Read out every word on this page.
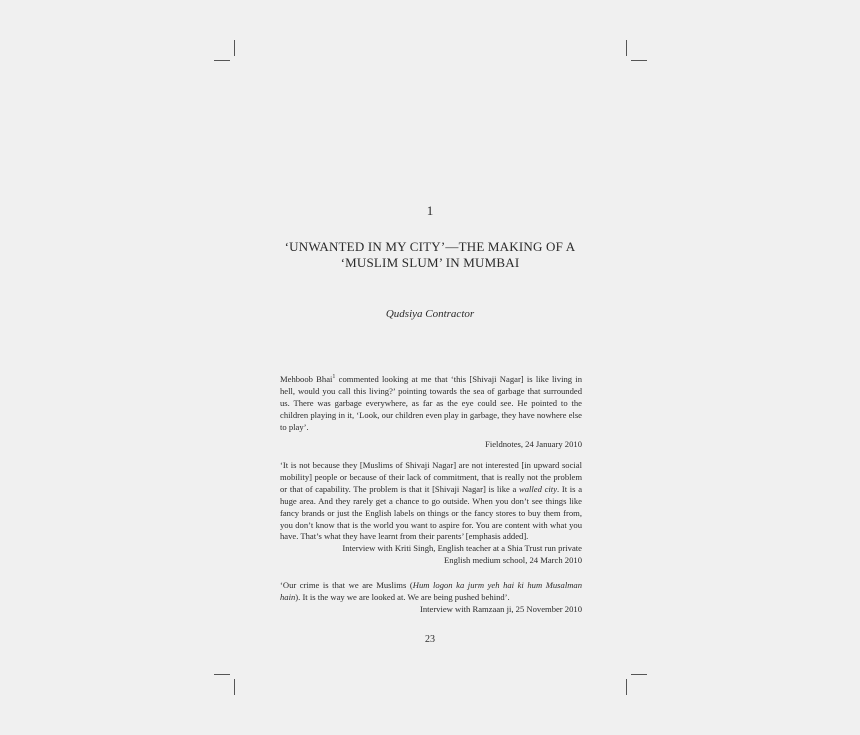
1
‘UNWANTED IN MY CITY’—THE MAKING OF A
‘MUSLIM SLUM’ IN MUMBAI
Qudsiya Contractor

Mehboob Bhai$^1$ commented looking at me that ‘this [Shivaji Nagar] is like living in hell, would you call this living?’ pointing towards the sea of garbage that surrounded us. There was garbage everywhere, as far as the eye could see. He pointed to the children playing in it, ‘Look, our children even play in garbage, they have nowhere else to play’.

Fieldnotes, 24 January 2010

‘It is not because they [Muslims of Shivaji Nagar] are not interested [in upward social mobility] people or because of their lack of commitment, that is really not the problem or that of capability. The problem is that it [Shivaji Nagar] is like a walled city. It is a huge area. And they rarely get a chance to go outside. When you don’t see things like fancy brands or just the English labels on things or the fancy stores to buy them from, you don’t know that is the world you want to aspire for. You are content with what you have. That’s what they have learnt from their parents’ [emphasis added].

Interview with Kriti Singh, English teacher at a Shia Trust run private

English medium school, 24 March 2010

‘Our crime is that we are Muslims (Hum logon ka jurm yeh hai ki hum Musalman hain). It is the way we are looked at. We are being pushed behind’.

Interview with Ramzaan ji, 25 November 2010

23
